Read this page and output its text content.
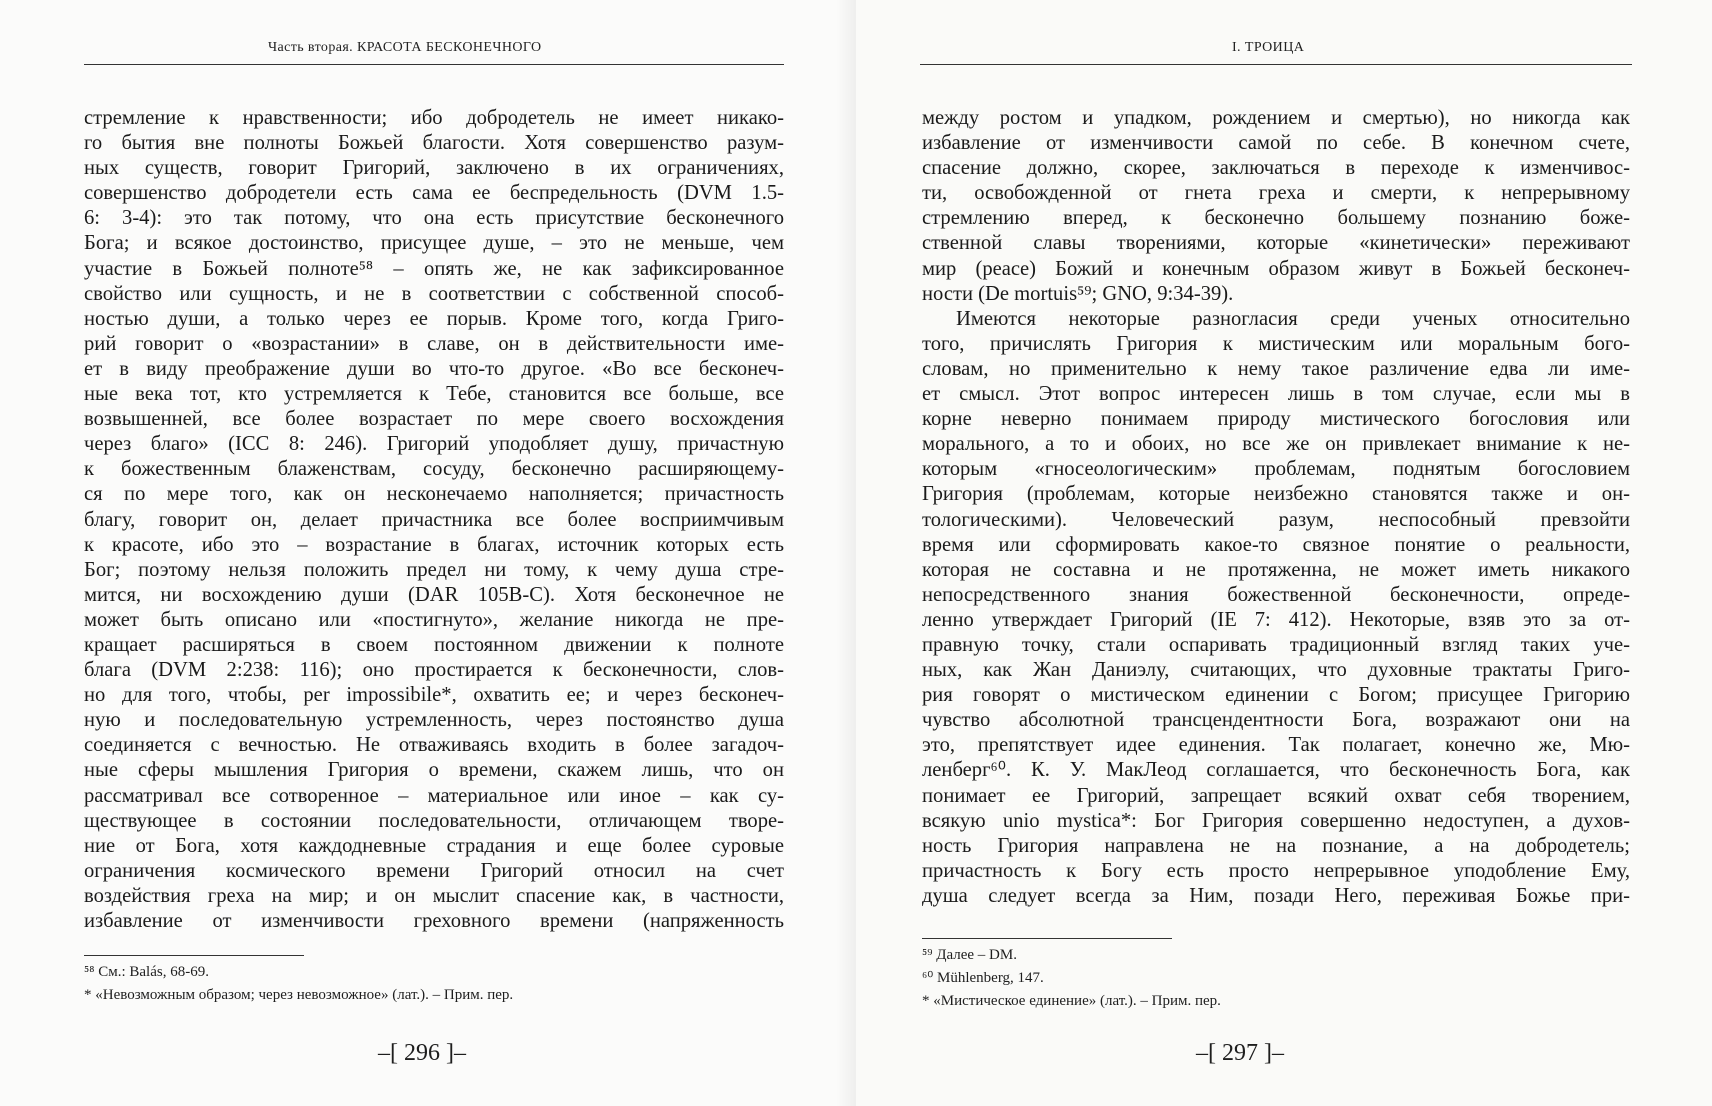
Часть вторая. КРАСОТА БЕСКОНЕЧНОГО
стремление к нравственности; ибо добродетель не имеет никако-
го бытия вне полноты Божьей благости. Хотя совершенство разум-
ных существ, говорит Григорий, заключено в их ограничениях,
совершенство добродетели есть сама ее беспредельность (DVM 1.5-
6: 3-4): это так потому, что она есть присутствие бесконечного
Бога; и всякое достоинство, присущее душе, – это не меньше, чем
участие в Божьей полноте⁵⁸ – опять же, не как зафиксированное
свойство или сущность, и не в соответствии с собственной способ-
ностью души, а только через ее порыв. Кроме того, когда Григо-
рий говорит о «возрастании» в славе, он в действительности име-
ет в виду преображение души во что-то другое. «Во все бесконеч-
ные века тот, кто устремляется к Тебе, становится все больше, все
возвышенней, все более возрастает по мере своего восхождения
через благо» (ICC 8: 246). Григорий уподобляет душу, причастную
к божественным блаженствам, сосуду, бесконечно расширяющему-
ся по мере того, как он несконечаемо наполняется; причастность
благу, говорит он, делает причастника все более восприимчивым
к красоте, ибо это – возрастание в благах, источник которых есть
Бог; поэтому нельзя положить предел ни тому, к чему душа стре-
мится, ни восхождению души (DAR 105B-C). Хотя бесконечное не
может быть описано или «постигнуто», желание никогда не пре-
кращает расширяться в своем постоянном движении к полноте
блага (DVM 2:238: 116); оно простирается к бесконечности, слов-
но для того, чтобы, per impossibile*, охватить ее; и через бесконеч-
ную и последовательную устремленность, через постоянство душа
соединяется с вечностью. Не отваживаясь входить в более загадоч-
ные сферы мышления Григория о времени, скажем лишь, что он
рассматривал все сотворенное – материальное или иное – как су-
ществующее в состоянии последовательности, отличающем творе-
ние от Бога, хотя каждодневные страдания и еще более суровые
ограничения космического времени Григорий относил на счет
воздействия греха на мир; и он мыслит спасение как, в частности,
избавление от изменчивости греховного времени (напряженность
⁵⁸ См.: Balás, 68-69.
* «Невозможным образом; через невозможное» (лат.). – Прим. пер.
–[ 296 ]–
I. ТРОИЦА
между ростом и упадком, рождением и смертью), но никогда как
избавление от изменчивости самой по себе. В конечном счете,
спасение должно, скорее, заключаться в переходе к изменчивос-
ти, освобожденной от гнета греха и смерти, к непрерывному
стремлению вперед, к бесконечно большему познанию боже-
ственной славы творениями, которые «кинетически» переживают
мир (peace) Божий и конечным образом живут в Божьей бесконеч-
ности (De mortuis⁵⁹; GNO, 9:34-39).
Имеются некоторые разногласия среди ученых относительно
того, причислять Григория к мистическим или моральным бого-
словам, но применительно к нему такое различение едва ли име-
ет смысл. Этот вопрос интересен лишь в том случае, если мы в
корне неверно понимаем природу мистического богословия или
морального, а то и обоих, но все же он привлекает внимание к не-
которым «гносеологическим» проблемам, поднятым богословием
Григория (проблемам, которые неизбежно становятся также и он-
тологическими). Человеческий разум, неспособный превзойти
время или сформировать какое-то связное понятие о реальности,
которая не составна и не протяженна, не может иметь никакого
непосредственного знания божественной бесконечности, опреде-
ленно утверждает Григорий (IE 7: 412). Некоторые, взяв это за от-
правную точку, стали оспаривать традиционный взгляд таких уче-
ных, как Жан Даниэлу, считающих, что духовные трактаты Григо-
рия говорят о мистическом единении с Богом; присущее Григорию
чувство абсолютной трансцендентности Бога, возражают они на
это, препятствует идее единения. Так полагает, конечно же, Мю-
ленберг⁶⁰. К. У. МакЛеод соглашается, что бесконечность Бога, как
понимает ее Григорий, запрещает всякий охват себя творением,
всякую unio mystica*: Бог Григория совершенно недоступен, а духов-
ность Григория направлена не на познание, а на добродетель;
причастность к Богу есть просто непрерывное уподобление Ему,
душа следует всегда за Ним, позади Него, переживая Божье при-
⁵⁹ Далее – DM.
⁶⁰ Mühlenberg, 147.
* «Мистическое единение» (лат.). – Прим. пер.
–[ 297 ]–
